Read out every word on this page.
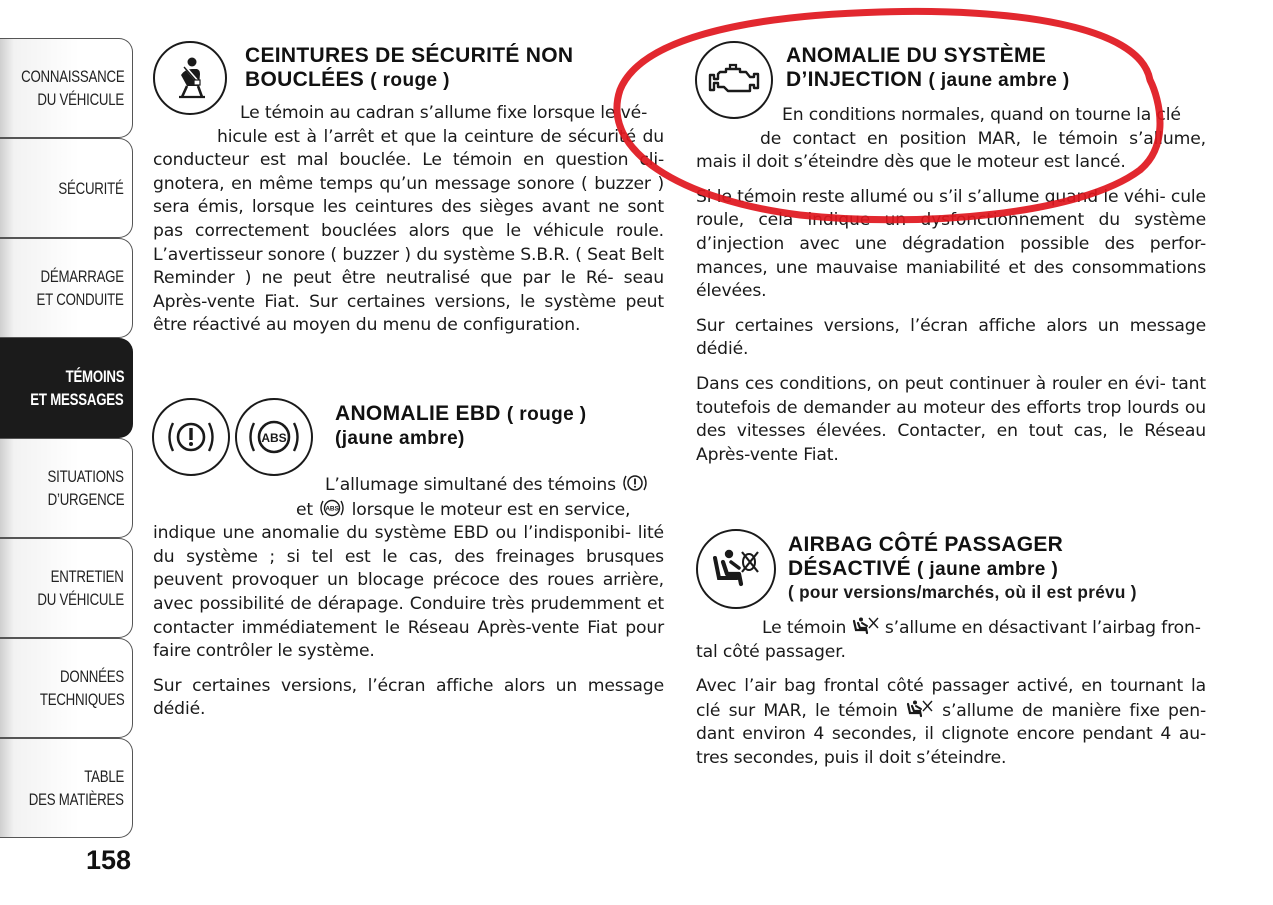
CONNAISSANCE
DU VÉHICULE
SÉCURITÉ
DÉMARRAGE
ET CONDUITE
TÉMOINS
ET MESSAGES
SITUATIONS
D’URGENCE
ENTRETIEN
DU VÉHICULE
DONNÉES
TECHNIQUES
TABLE
DES MATIÈRES
158
CEINTURES DE SÉCURITÉ NON
BOUCLÉES ( rouge )
Le témoin au cadran s’allume fixe lorsque le vé-
hicule est à l’arrêt et que la ceinture de sécurité du
conducteur est mal bouclée. Le témoin en question cli- gnotera, en même temps qu’un message sonore ( buzzer ) sera émis, lorsque les ceintures des sièges avant ne sont pas correctement bouclées alors que le véhicule roule. L’avertisseur sonore ( buzzer ) du système S.B.R. ( Seat Belt Reminder ) ne peut être neutralisé que par le Ré- seau Après-vente Fiat. Sur certaines versions, le système peut être réactivé au moyen du menu de configuration.
ABS
ANOMALIE EBD ( rouge )
(jaune ambre)
L’allumage simultané des témoins
et ABS lorsque le moteur est en service,
indique une anomalie du système EBD ou l’indisponibi- lité du système ; si tel est le cas, des freinages brusques peuvent provoquer un blocage précoce des roues arrière, avec possibilité de dérapage. Conduire très prudemment et contacter immédiatement le Réseau Après-vente Fiat pour faire contrôler le système.
Sur certaines versions, l’écran affiche alors un message dédié.
ANOMALIE DU SYSTÈME
D’INJECTION ( jaune ambre )
En conditions normales, quand on tourne la clé
de contact en position MAR, le témoin s’allume,
mais il doit s’éteindre dès que le moteur est lancé.
Si le témoin reste allumé ou s’il s’allume quand le véhi- cule roule, cela indique un dysfonctionnement du système d’injection avec une dégradation possible des perfor- mances, une mauvaise maniabilité et des consommations élevées.
Sur certaines versions, l’écran affiche alors un message dédié.
Dans ces conditions, on peut continuer à rouler en évi- tant toutefois de demander au moteur des efforts trop lourds ou des vitesses élevées. Contacter, en tout cas, le Réseau Après-vente Fiat.
AIRBAG CÔTÉ PASSAGER
DÉSACTIVÉ ( jaune ambre )
( pour versions/marchés, où il est prévu )
Le témoin s’allume en désactivant l’airbag fron-
tal côté passager.
Avec l’air bag frontal côté passager activé, en tournant la clé sur MAR, le témoin	s’allume de manière fixe pen- dant environ 4 secondes, il clignote encore pendant 4 au- tres secondes, puis il doit s’éteindre.
